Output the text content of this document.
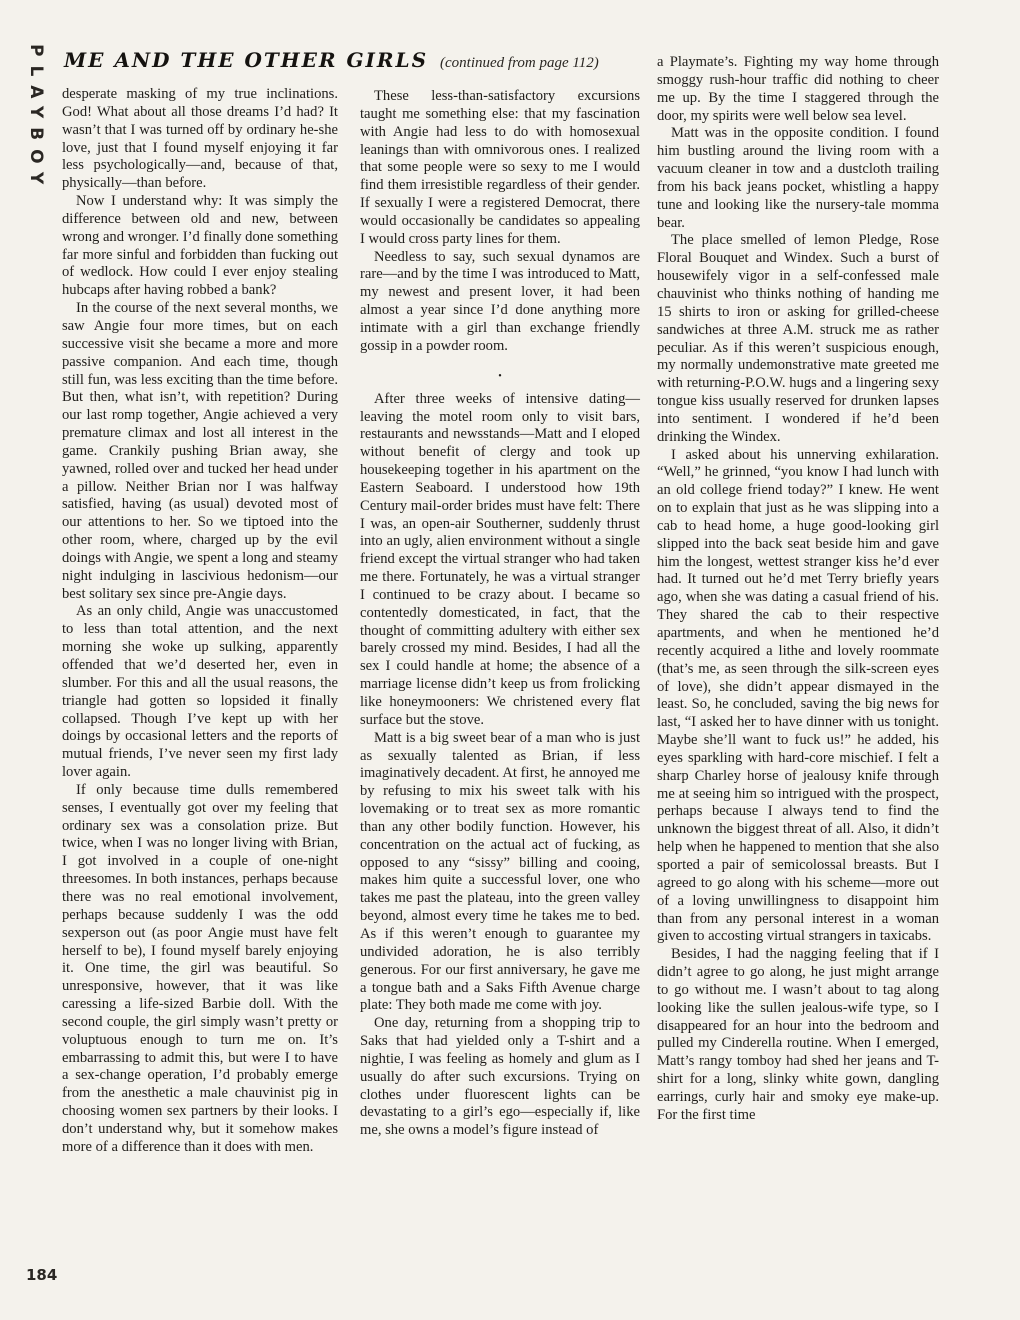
PLAYBOY ME AND THE OTHER GIRLS (continued from page 112)

desperate masking of my true inclinations. God! What about all those dreams I’d had? It wasn’t that I was turned off by ordinary he-she love, just that I found myself enjoying it far less psychologically—and, because of that, physically—than before.

Now I understand why: It was simply the difference between old and new, between wrong and wronger. I’d finally done something far more sinful and forbidden than fucking out of wedlock. How could I ever enjoy stealing hubcaps after having robbed a bank?

In the course of the next several months, we saw Angie four more times, but on each successive visit she became a more and more passive companion. And each time, though still fun, was less exciting than the time before. But then, what isn’t, with repetition? During our last romp together, Angie achieved a very premature climax and lost all interest in the game. Crankily pushing Brian away, she yawned, rolled over and tucked her head under a pillow. Neither Brian nor I was halfway satisfied, having (as usual) devoted most of our attentions to her. So we tiptoed into the other room, where, charged up by the evil doings with Angie, we spent a long and steamy night indulging in lascivious hedonism—our best solitary sex since pre-Angie days.

As an only child, Angie was unaccustomed to less than total attention, and the next morning she woke up sulking, apparently offended that we’d deserted her, even in slumber. For this and all the usual reasons, the triangle had gotten so lopsided it finally collapsed. Though I’ve kept up with her doings by occasional letters and the reports of mutual friends, I’ve never seen my first lady lover again.

If only because time dulls remembered senses, I eventually got over my feeling that ordinary sex was a consolation prize. But twice, when I was no longer living with Brian, I got involved in a couple of one-night threesomes. In both instances, perhaps because there was no real emotional involvement, perhaps because suddenly I was the odd sexperson out (as poor Angie must have felt herself to be), I found myself barely enjoying it. One time, the girl was beautiful. So unresponsive, however, that it was like caressing a life-sized Barbie doll. With the second couple, the girl simply wasn’t pretty or voluptuous enough to turn me on. It’s embarrassing to admit this, but were I to have a sex-change operation, I’d probably emerge from the anesthetic a male chauvinist pig in choosing women sex partners by their looks. I don’t understand why, but it somehow makes more of a difference than it does with men.

These less-than-satisfactory excursions taught me something else: that my fascination with Angie had less to do with homosexual leanings than with omnivorous ones. I realized that some people were so sexy to me I would find them irresistible regardless of their gender. If sexually I were a registered Democrat, there would occasionally be candidates so appealing I would cross party lines for them.

Needless to say, such sexual dynamos are rare—and by the time I was introduced to Matt, my newest and present lover, it had been almost a year since I’d done anything more intimate with a girl than exchange friendly gossip in a powder room.

•

After three weeks of intensive dating—leaving the motel room only to visit bars, restaurants and newsstands—Matt and I eloped without benefit of clergy and took up housekeeping together in his apartment on the Eastern Seaboard. I understood how 19th Century mail-order brides must have felt: There I was, an open-air Southerner, suddenly thrust into an ugly, alien environment without a single friend except the virtual stranger who had taken me there. Fortunately, he was a virtual stranger I continued to be crazy about. I became so contentedly domesticated, in fact, that the thought of committing adultery with either sex barely crossed my mind. Besides, I had all the sex I could handle at home; the absence of a marriage license didn’t keep us from frolicking like honeymooners: We christened every flat surface but the stove.

Matt is a big sweet bear of a man who is just as sexually talented as Brian, if less imaginatively decadent. At first, he annoyed me by refusing to mix his sweet talk with his lovemaking or to treat sex as more romantic than any other bodily function. However, his concentration on the actual act of fucking, as opposed to any “sissy” billing and cooing, makes him quite a successful lover, one who takes me past the plateau, into the green valley beyond, almost every time he takes me to bed. As if this weren’t enough to guarantee my undivided adoration, he is also terribly generous. For our first anniversary, he gave me a tongue bath and a Saks Fifth Avenue charge plate: They both made me come with joy.

One day, returning from a shopping trip to Saks that had yielded only a T-shirt and a nightie, I was feeling as homely and glum as I usually do after such excursions. Trying on clothes under fluorescent lights can be devastating to a girl’s ego—especially if, like me, she owns a model’s figure instead of

a Playmate’s. Fighting my way home through smoggy rush-hour traffic did nothing to cheer me up. By the time I staggered through the door, my spirits were well below sea level.

Matt was in the opposite condition. I found him bustling around the living room with a vacuum cleaner in tow and a dustcloth trailing from his back jeans pocket, whistling a happy tune and looking like the nursery-tale momma bear.

The place smelled of lemon Pledge, Rose Floral Bouquet and Windex. Such a burst of housewifely vigor in a self-confessed male chauvinist who thinks nothing of handing me 15 shirts to iron or asking for grilled-cheese sandwiches at three A.M. struck me as rather peculiar. As if this weren’t suspicious enough, my normally undemonstrative mate greeted me with returning-P.O.W. hugs and a lingering sexy tongue kiss usually reserved for drunken lapses into sentiment. I wondered if he’d been drinking the Windex.

I asked about his unnerving exhilaration. “Well,” he grinned, “you know I had lunch with an old college friend today?” I knew. He went on to explain that just as he was slipping into a cab to head home, a huge good-looking girl slipped into the back seat beside him and gave him the longest, wettest stranger kiss he’d ever had. It turned out he’d met Terry briefly years ago, when she was dating a casual friend of his. They shared the cab to their respective apartments, and when he mentioned he’d recently acquired a lithe and lovely roommate (that’s me, as seen through the silk-screen eyes of love), she didn’t appear dismayed in the least. So, he concluded, saving the big news for last, “I asked her to have dinner with us tonight. Maybe she’ll want to fuck us!” he added, his eyes sparkling with hard-core mischief. I felt a sharp Charley horse of jealousy knife through me at seeing him so intrigued with the prospect, perhaps because I always tend to find the unknown the biggest threat of all. Also, it didn’t help when he happened to mention that she also sported a pair of semicolossal breasts. But I agreed to go along with his scheme—more out of a loving unwillingness to disappoint him than from any personal interest in a woman given to accosting virtual strangers in taxicabs.

Besides, I had the nagging feeling that if I didn’t agree to go along, he just might arrange to go without me. I wasn’t about to tag along looking like the sullen jealous-wife type, so I disappeared for an hour into the bedroom and pulled my Cinderella routine. When I emerged, Matt’s rangy tomboy had shed her jeans and T-shirt for a long, slinky white gown, dangling earrings, curly hair and smoky eye make-up. For the first time

184
